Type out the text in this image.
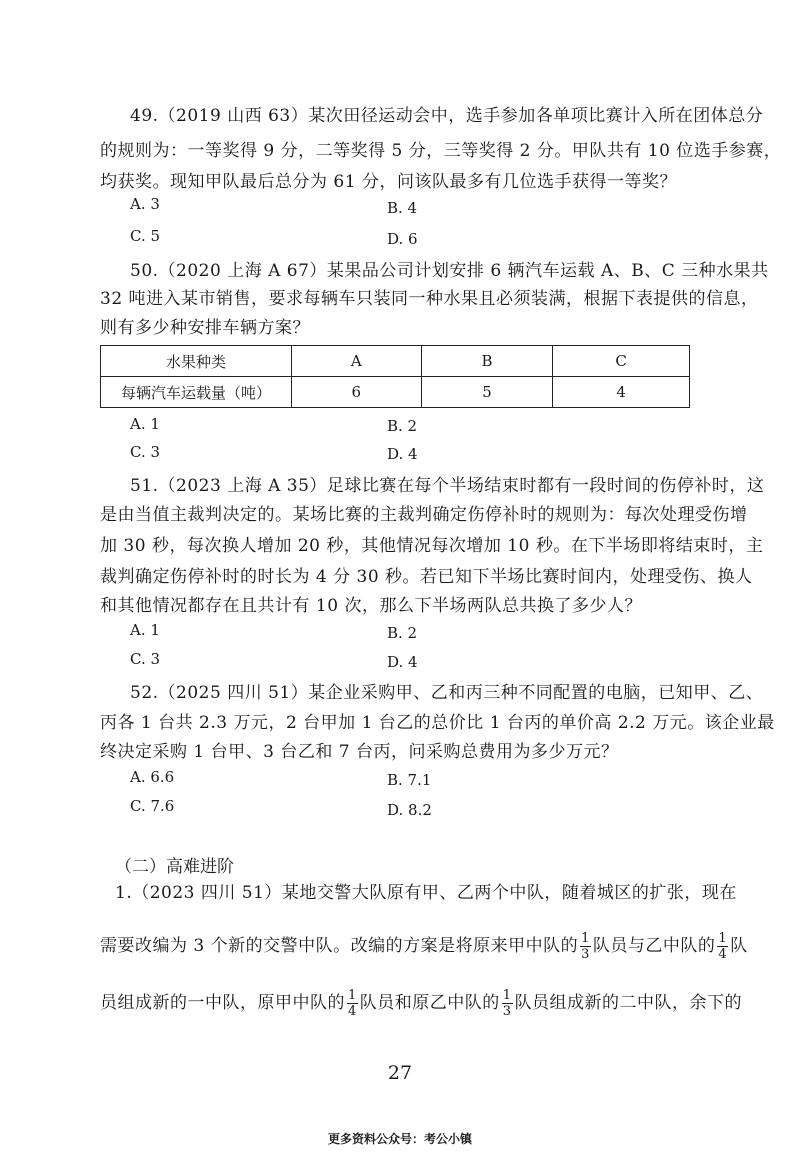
49.（2019 山西 63）某次田径运动会中，选手参加各单项比赛计入所在团体总分
的规则为：一等奖得 9 分，二等奖得 5 分，三等奖得 2 分。甲队共有 10 位选手参赛，
均获奖。现知甲队最后总分为 61 分，问该队最多有几位选手获得一等奖？
A. 3	B. 4
C. 5	D. 6
50.（2020 上海 A 67）某果品公司计划安排 6 辆汽车运载 A、B、C 三种水果共
32 吨进入某市销售，要求每辆车只装同一种水果且必须装满，根据下表提供的信息，
则有多少种安排车辆方案？
水果种类	A	B	C
每辆汽车运载量（吨）	6	5	4
A. 1	B. 2
C. 3	D. 4
51.（2023 上海 A 35）足球比赛在每个半场结束时都有一段时间的伤停补时，这
是由当值主裁判决定的。某场比赛的主裁判确定伤停补时的规则为：每次处理受伤增
加 30 秒，每次换人增加 20 秒，其他情况每次增加 10 秒。在下半场即将结束时，主
裁判确定伤停补时的时长为 4 分 30 秒。若已知下半场比赛时间内，处理受伤、换人
和其他情况都存在且共计有 10 次，那么下半场两队总共换了多少人？
A. 1	B. 2
C. 3	D. 4
52.（2025 四川 51）某企业采购甲、乙和丙三种不同配置的电脑，已知甲、乙、
丙各 1 台共 2.3 万元，2 台甲加 1 台乙的总价比 1 台丙的单价高 2.2 万元。该企业最
终决定采购 1 台甲、3 台乙和 7 台丙，问采购总费用为多少万元？
A. 6.6	B. 7.1
C. 7.6	D. 8.2
（二）高难进阶
1.（2023 四川 51）某地交警大队原有甲、乙两个中队，随着城区的扩张，现在
需要改编为 3 个新的交警中队。改编的方案是将原来甲中队的 $\frac{1}{3}$ 队员与乙中队的 $\frac{1}{4}$ 队
员组成新的一中队，原甲中队的 $\frac{1}{4}$ 队员和原乙中队的 $\frac{1}{3}$ 队员组成新的二中队，余下的
27
更多资料公众号：考公小镇
